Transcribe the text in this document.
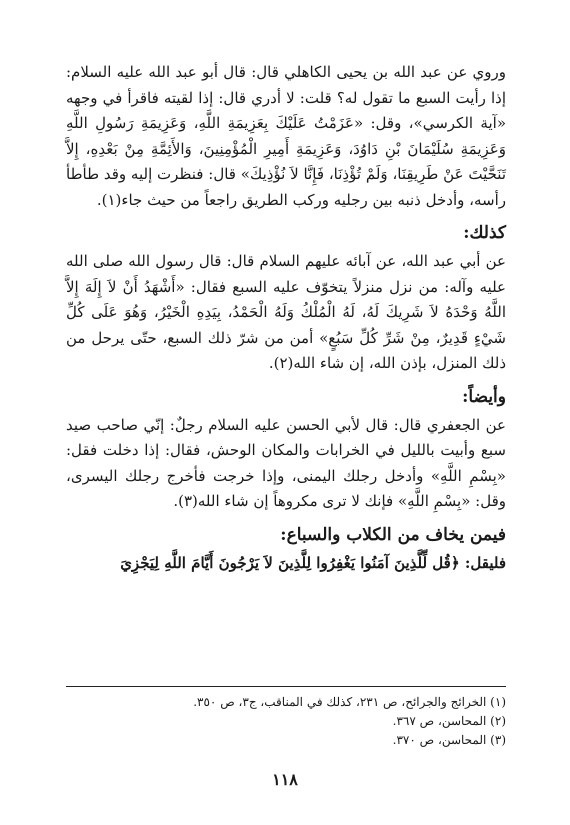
وروي عن عبد الله بن يحيى الكاهلي قال: قال أبو عبد الله عليه السلام: إذا رأيت السبع ما تقول له؟ قلت: لا أدري قال: إذا لقيته فاقرأ في وجهه «آية الكرسي»، وقل: «عَزَمْتُ عَلَيْكَ بِعَزِيمَةِ اللَّهِ، وَعَزِيمَةِ رَسُولِ اللَّهِ وَعَزِيمَةِ سُلَيْمَانَ بْنِ دَاوُدَ، وَعَزِيمَةِ أَمِيرِ الْمُؤْمِنِينَ، وَالأَئِمَّةِ مِنْ بَعْدِهِ، إِلاَّ تَنَحَّيْتَ عَنْ طَرِيقِنَا، وَلَمْ تُؤْذِنَا، فَإِنَّا لاَ نُؤْذِيكَ» قال: فنظرت إليه وقد طأطأ رأسه، وأدخل ذنبه بين رجليه وركب الطريق راجعاً من حيث جاء(١).

كذلك:

عن أبي عبد الله، عن آبائه عليهم السلام قال: قال رسول الله صلى الله عليه وآله: من نزل منزلاً يتخوّف عليه السبع فقال: «أَشْهَدُ أَنْ لاَ إِلَهَ إِلاَّ اللَّهُ وَحْدَهُ لاَ شَرِيكَ لَهُ، لَهُ الْمُلْكُ وَلَهُ الْحَمْدُ، بِيَدِهِ الْخَيْرُ، وَهُوَ عَلَى كُلِّ شَيْءٍ قَدِيرٌ، مِنْ شَرِّ كُلِّ سَبُعٍ» أمن من شرّ ذلك السبع، حتّى يرحل من ذلك المنزل، بإذن الله، إن شاء الله(٢).

وأيضاً:

عن الجعفري قال: قال لأبي الحسن عليه السلام رجلٌ: إنّي صاحب صيد سبع وأبيت بالليل في الخرابات والمكان الوحش، فقال: إذا دخلت فقل: «بِسْمِ اللَّهِ» وأدخل رجلك اليمنى، وإذا خرجت فأخرج رجلك اليسرى، وقل: «بِسْمِ اللَّهِ» فإنك لا ترى مكروهاً إن شاء الله(٣).

فيمن يخاف من الكلاب والسباع:

فليقل: ﴿قُل لِّلَّذِينَ آمَنُوا يَغْفِرُوا لِلَّذِينَ لاَ يَرْجُونَ أَيَّامَ اللَّهِ لِيَجْزِيَ

(١) الخرائج والجرائح، ص ٢٣١، كذلك في المناقب، ج٣، ص ٣٥٠.
(٢) المحاسن، ص ٣٦٧.
(٣) المحاسن، ص ٣٧٠.
١١٨
